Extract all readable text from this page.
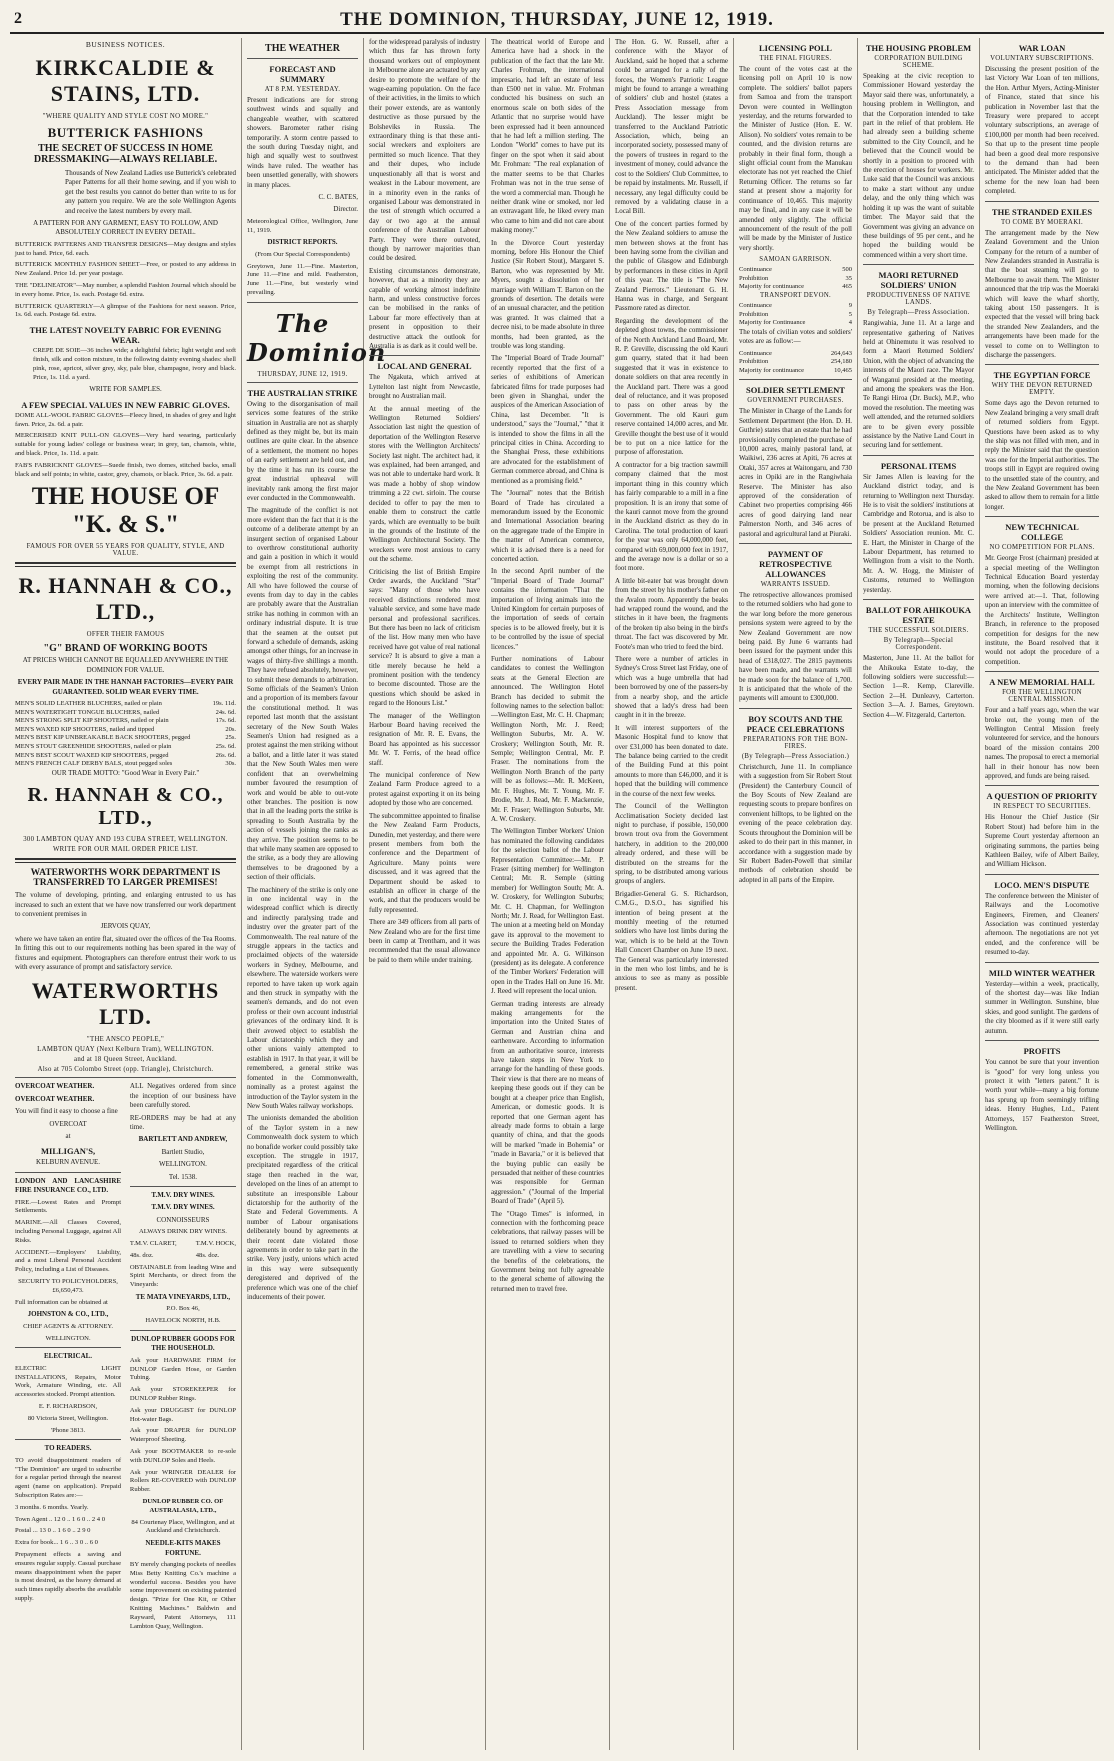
2	THE DOMINION, THURSDAY, JUNE 12, 1919.
BUSINESS NOTICES.
KIRKCALDIE & STAINS, LTD.
"WHERE QUALITY AND STYLE COST NO MORE."
BUTTERICK FASHIONS
THE SECRET OF SUCCESS IN HOME
DRESSMAKING—ALWAYS RELIABLE.

Thousands of New Zealand Ladies use Butterick's celebrated Paper Patterns for all their home sewing, and if you wish to get the best results you cannot do better than write to us for any pattern you require. We are the sole Wellington Agents and receive the latest numbers by every mail.

A PATTERN FOR ANY GARMENT, EASY TO FOLLOW, AND ABSOLUTELY CORRECT IN EVERY DETAIL.

BUTTERICK PATTERNS AND TRANSFER DESIGNS—May designs and styles just to hand. Price, 6d. each.

BUTTERICK MONTHLY FASHION SHEET—Free, or posted to any address in New Zealand. Price 1d. per year postage.

THE "DELINEATOR"—May number, a splendid Fashion Journal which should be in every home. Price, 1s. each. Postage 6d. extra.

BUTTERICK QUARTERLY—A glimpse of the Fashions for next season. Price, 1s. 6d. each. Postage 6d. extra.

THE LATEST NOVELTY FABRIC FOR EVENING WEAR.

CREPE DE SOIE—36 inches wide; a delightful fabric; light weight and soft finish, silk and cotton mixture, in the following dainty evening shades: shell pink, rose, apricot, silver grey, sky, pale blue, champagne, ivory and black. Price, 1s. 11d. a yard.

WRITE FOR SAMPLES.
A FEW SPECIAL VALUES IN NEW FABRIC GLOVES.

DOME ALL-WOOL FABRIC GLOVES—Fleecy lined, in shades of grey and light fawn. Price, 2s. 6d. a pair.

MERCERISED KNIT PULL-ON GLOVES—Very hard wearing, particularly suitable for young ladies' college or business wear; in grey, tan, chamois, white, and black. Price, 1s. 11d. a pair.

FAB'S FABRICKNIT GLOVES—Suede finish, two domes, stitched backs, small black and self points; in white, castor, grey, chamois, or black. Price, 3s. 6d. a pair.

THE HOUSE OF "K. & S."
FAMOUS FOR OVER 55 YEARS FOR QUALITY, STYLE, AND VALUE.
R. HANNAH & CO., LTD.,
OFFER THEIR FAMOUS
"G" BRAND OF WORKING BOOTS

AT PRICES WHICH CANNOT BE EQUALLED ANYWHERE IN THE DOMINION FOR VALUE.

EVERY PAIR MADE IN THE HANNAH FACTORIES—EVERY PAIR GUARANTEED. SOLID WEAR EVERY TIME.

MEN'S SOLID LEATHER BLUCHERS, nailed or plain	19s. 11d.
MEN'S WATERTIGHT TONGUE BLUCHERS, nailed	24s. 6d.
MEN'S STRONG SPLIT KIP SHOOTERS, nailed or plain	17s. 6d.
MEN'S WAXED KIP SHOOTERS, nailed and tipped	20s.
MEN'S BEST KIP UNBREAKABLE BACK SHOOTERS, pegged	25s.
MEN'S STOUT GREENHIDE SHOOTERS, nailed or plain	25s. 6d.
MEN'S BEST SCOUT WAXED KIP SHOOTERS, pegged	26s. 6d.
MEN'S FRENCH CALF DERBY BALS, stout pegged soles	30s.
OUR TRADE MOTTO: "Good Wear in Every Pair."
R. HANNAH & CO., LTD.,
300 LAMBTON QUAY AND 193 CUBA STREET, WELLINGTON.
WRITE FOR OUR MAIL ORDER PRICE LIST.
WATERWORTHS WORK DEPARTMENT IS
TRANSFERRED TO LARGER PREMISES!

The volume of developing, printing, and enlarging entrusted to us has increased to such an extent that we have now transferred our work department to convenient premises in

JERVOIS QUAY,

where we have taken an entire flat, situated over the offices of the Tea Rooms. In fitting this out to our requirements nothing has been spared in the way of fixtures and equipment. Photographers can therefore entrust their work to us with every assurance of prompt and satisfactory service.

WATERWORTHS LTD.
"THE ANSCO PEOPLE,"
LAMBTON QUAY (Next Kelburn Tram), WELLINGTON.
and at 18 Queen Street, Auckland.
Also at 705 Colombo Street (opp. Triangle), Christchurch.
OVERCOAT WEATHER.
OVERCOAT WEATHER.
You will find it easy to choose a fine
OVERCOAT
at
MILLIGAN'S,
KELBURN AVENUE.
LONDON AND LANCASHIRE FIRE INSURANCE CO., LTD.

FIRE.—Lowest Rates and Prompt Settlements.

MARINE.—All Classes Covered, including Personal Luggage, against All Risks.

ACCIDENT.—Employers' Liability, and a most Liberal Personal Accident Policy, including a List of Diseases.

SECURITY TO POLICYHOLDERS, £6,650,473.
Full information can be obtained at
JOHNSTON & CO., LTD.,
CHIEF AGENTS & ATTORNEY.
WELLINGTON.
ELECTRICAL.

ELECTRIC LIGHT INSTALLATIONS, Repairs, Motor Work, Armature Winding, etc. All accessories stocked. Prompt attention.

E. F. RICHARDSON,
80 Victoria Street, Wellington.
'Phone 3813.
TO READERS.

TO avoid disappointment readers of "The Dominion" are urged to subscribe for a regular period through the nearest agent (name on application). Prepaid Subscription Rates are:—

3 months. 6 months. Yearly.
Town Agent .. 12 0 .. 1 6 0 .. 2 4 0
Postal ... 13 0 .. 1 6 0 .. 2 9 0
Extra for book... 1 6 .. 3 0 .. 6 0

Prepayment effects a saving and ensures regular supply. Casual purchase means disappointment when the paper is most desired, as the heavy demand at such times rapidly absorbs the available supply.

ALL Negatives ordered from since the inception of our business have been carefully stored.

RE-ORDERS may be had at any time.

BARTLETT AND ANDREW,
Bartlett Studio,
WELLINGTON.
Tel. 1538.
T.M.V. DRY WINES.
T.M.V. DRY WINES.
CONNOISSEURS
ALWAYS DRINK DRY WINES.
T.M.V. CLARET,
48s. doz.
T.M.V. HOCK,
48s. doz.

OBTAINABLE from leading Wine and Spirit Merchants, or direct from the Vineyards:

TE MATA VINEYARDS, LTD.,
P.O. Box 46,
HAVELOCK NORTH, H.B.
DUNLOP RUBBER GOODS FOR THE HOUSEHOLD.

Ask your HARDWARE FIRM for DUNLOP Garden Hose, or Garden Tubing.

Ask your STOREKEEPER for DUNLOP Rubber Rings.

Ask your DRUGGIST for DUNLOP Hot-water Bags.

Ask your DRAPER for DUNLOP Waterproof Sheeting.

Ask your BOOTMAKER to re-sole with DUNLOP Soles and Heels.

Ask your WRINGER DEALER for Rollers RE-COVERED with DUNLOP Rubber.

DUNLOP RUBBER CO. OF AUSTRALASIA, LTD.,
84 Courtenay Place, Wellington, and at Auckland and Christchurch.
NEEDLE-KITS MAKES FORTUNE.

BY merely changing pockets of needles Miss Betty Knitting Co.'s machine a wonderful success. Besides you have some improvement on existing patented design. "Prize for One Kit, or Other Knitting Machines." Baldwin and Rayward, Patent Attorneys, 111 Lambton Quay, Wellington.

THE WEATHER
FORECAST AND SUMMARY
AT 8 P.M. YESTERDAY.

Present indications are for strong southwest winds and squally and changeable weather, with scattered showers. Barometer rather rising temporarily. A storm centre passed to the south during Tuesday night, and high and squally west to southwest winds have ruled. The weather has been unsettled generally, with showers in many places.

C. C. BATES,
Director.
Meteorological Office, Wellington, June 11, 1919.
DISTRICT REPORTS.
(From Our Special Correspondents)

Greytown, June 11.—Fine. Masterton, June 11.—Fine and mild. Featherston, June 11.—Fine, but westerly wind prevailing.

The Dominion
THURSDAY, JUNE 12, 1919.
THE AUSTRALIAN STRIKE

Owing to the disorganisation of mail services some features of the strike situation in Australia are not as sharply defined as they might be, but its main outlines are quite clear. In the absence of a settlement, the moment no hopes of an early settlement are held out, and by the time it has run its course the great industrial upheaval will inevitably rank among the first major ever conducted in the Commonwealth.

The magnitude of the conflict is not more evident than the fact that it is the outcome of a deliberate attempt by an insurgent section of organised Labour to overthrow constitutional authority and gain a position in which it would be exempt from all restrictions in exploiting the rest of the community. All who have followed the course of events from day to day in the cables are probably aware that the Australian strike has nothing in common with an ordinary industrial dispute. It is true that the seamen at the outset put forward a schedule of demands, asking amongst other things, for an increase in wages of thirty-five shillings a month. They have refused absolutely, however, to submit these demands to arbitration. Some officials of the Seamen's Union and a proportion of its members favour the constitutional method. It was reported last month that the assistant secretary of the New South Wales Seamen's Union had resigned as a protest against the men striking without a ballot, and a little later it was stated that the New South Wales men were confident that an overwhelming number favoured the resumption of work and would be able to out-vote other branches. The position is now that in all the leading ports the strike is spreading to South Australia by the action of vessels joining the ranks as they arrive. The position seems to be that while many seamen are opposed to the strike, as a body they are allowing themselves to be dragooned by a section of their officials.

The machinery of the strike is only one in one incidental way in the widespread conflict which is directly and indirectly paralysing trade and industry over the greater part of the Commonwealth. The real nature of the struggle appears in the tactics and proclaimed objects of the waterside workers in Sydney, Melbourne, and elsewhere. The waterside workers were reported to have taken up work again and then struck in sympathy with the seamen's demands, and do not even profess or their own account industrial grievances of the ordinary kind. It is their avowed object to establish the Labour dictatorship which they and other unions vainly attempted to establish in 1917. In that year, it will be remembered, a general strike was fomented in the Commonwealth, nominally as a protest against the introduction of the Taylor system in the New South Wales railway workshops.

The unionists demanded the abolition of the Taylor system in a new Commonwealth dock system to which no bonafide worker could possibly take exception. The struggle in 1917, precipitated regardless of the critical stage then reached in the war, developed on the lines of an attempt to substitute an irresponsible Labour dictatorship for the authority of the State and Federal Governments. A number of Labour organisations deliberately bound by agreements at their recent date violated those agreements in order to take part in the strike. Very justly, unions which acted in this way were subsequently deregistered and deprived of the preference which was one of the chief inducements of their power.

for the widespread paralysis of industry which thus far has thrown forty thousand workers out of employment in Melbourne alone are actuated by any desire to promote the welfare of the wage-earning population. On the face of their activities, in the limits to which their power extends, are as wantonly destructive as those pursued by the Bolsheviks in Russia. The extraordinary thing is that these anti-social wreckers and exploiters are permitted so much licence. That they and their dupes, who include unquestionably all that is worst and weakest in the Labour movement, are in a minority even in the ranks of organised Labour was demonstrated in the test of strength which occurred a day or two ago at the annual conference of the Australian Labour Party. They were there outvoted, though by narrower majorities than could be desired.

Existing circumstances demonstrate, however, that as a minority they are capable of working almost indefinite harm, and unless constructive forces can be mobilised in the ranks of Labour far more effectively than at present in opposition to their destructive attack the outlook for Australia is as dark as it could well be.

LOCAL AND GENERAL

The Ngakuta, which arrived at Lyttelton last night from Newcastle, brought no Australian mail.

At the annual meeting of the Wellington Returned Soldiers' Association last night the question of deportation of the Wellington Reserve stores with the Wellington Architects' Society last night. The architect had, it was explained, had been arranged, and was not able to undertake hard work. It was made a hobby of shop window trimming a 22 cwt. sirloin. The course decided to offer to pay the men to enable them to construct the cattle yards, which are eventually to be built in the grounds of the Institute of the Wellington Architectural Society. The wreckers were most anxious to carry out the scheme.

Criticising the list of British Empire Order awards, the Auckland "Star" says: "Many of those who have received distinctions rendered most valuable service, and some have made personal and professional sacrifices. But there has been no lack of criticism of the list. How many men who have received have got value of real national service? It is absurd to give a man a title merely because he held a prominent position with the tendency to become discounted. Those are the questions which should be asked in regard to the Honours List."

The manager of the Wellington Harbour Board having received the resignation of Mr. R. E. Evans, the Board has appointed as his successor Mr. W. T. Ferris, of the head office staff.

The municipal conference of New Zealand Farm Produce agreed to a protest against exporting it on its being adopted by those who are concerned.

The subcommittee appointed to finalise the New Zealand Farm Products, Dunedin, met yesterday, and there were present members from both the conference and the Department of Agriculture. Many points were discussed, and it was agreed that the Department should be asked to establish an officer in charge of the work, and that the producers would be fully represented.

There are 349 officers from all parts of New Zealand who are for the first time been in camp at Trentham, and it was recommended that the usual allowance be paid to them while under training.

The theatrical world of Europe and America have had a shock in the publication of the fact that the late Mr. Charles Frohman, the international impresario, had left an estate of less than £500 net in value. Mr. Frohman conducted his business on such an enormous scale on both sides of the Atlantic that no surprise would have been expressed had it been announced that he had left a million sterling. The London "World" comes to have put its finger on the spot when it said about Mr. Frohman: "The real explanation of the matter seems to be that Charles Frohman was not in the true sense of the word a commercial man. Though he neither drank wine or smoked, nor led an extravagant life, he liked every man who came to him and did not care about making money."

In the Divorce Court yesterday morning, before His Honour the Chief Justice (Sir Robert Stout), Margaret S. Barton, who was represented by Mr. Myers, sought a dissolution of her marriage with William T. Barton on the grounds of desertion. The details were of an unusual character, and the petition was granted. It was claimed that a decree nisi, to be made absolute in three months, had been granted, as the trouble was long standing.

The "Imperial Board of Trade Journal" recently reported that the first of a series of exhibitions of American fabricated films for trade purposes had been given in Shanghai, under the auspices of the American Association of China, last December. "It is understood," says the "Journal," "that it is intended to show the films in all the principal cities in China. According to the Shanghai Press, these exhibitions are advocated for the establishment of German commerce abroad, and China is mentioned as a promising field."

The "Journal" notes that the British Board of Trade has circulated a memorandum issued by the Economic and International Association bearing on the aggregate trade of the Empire in the matter of American commerce, which it is advised there is a need for concerted action.

In the second April number of the "Imperial Board of Trade Journal" contains the information "That the importation of living animals into the United Kingdom for certain purposes of the importation of seeds of certain species is to be allowed freely, but it is to be controlled by the issue of special licences."

Further nominations of Labour candidates to contest the Wellington seats at the General Election are announced. The Wellington Hotel Branch has decided to submit the following names to the selection ballot:—Wellington East, Mr. C. H. Chapman; Wellington North, Mr. J. Reed; Wellington Suburbs, Mr. A. W. Croskery; Wellington South, Mr. R. Semple; Wellington Central, Mr. P. Fraser. The nominations from the Wellington North Branch of the party will be as follows:—Mr. R. McKeen, Mr. F. Hughes, Mr. T. Young, Mr. F. Brodie, Mr. J. Read, Mr. F. Mackenzie, Mr. F. Fraser; Wellington Suburbs, Mr. A. W. Croskery.

The Wellington Timber Workers' Union has nominated the following candidates for the selection ballot of the Labour Representation Committee:—Mr. P. Fraser (sitting member) for Wellington Central; Mr. R. Semple (sitting member) for Wellington South; Mr. A. W. Croskery, for Wellington Suburbs; Mr. C. H. Chapman, for Wellington North; Mr. J. Read, for Wellington East. The union at a meeting held on Monday gave its approval to the movement to secure the Building Trades Federation and appointed Mr. A. G. Wilkinson (president) as its delegate. A conference of the Timber Workers' Federation will open in the Trades Hall on June 16. Mr. J. Reed will represent the local union.

German trading interests are already making arrangements for the importation into the United States of German and Austrian china and earthenware. According to information from an authoritative source, interests have taken steps in New York to arrange for the handling of these goods. Their view is that there are no means of keeping these goods out if they can be bought at a cheaper price than English, American, or domestic goods. It is reported that one German agent has already made forms to obtain a large quantity of china, and that the goods will be marked "made in Bohemia" or "made in Bavaria," or it is believed that the buying public can easily be persuaded that neither of these countries was responsible for German aggression." ("Journal of the Imperial Board of Trade" (April 5).

The "Otago Times" is informed, in connection with the forthcoming peace celebrations, that railway passes will be issued to returned soldiers when they are travelling with a view to securing the benefits of the celebrations, the Government being not fully agreeable to the general scheme of allowing the returned men to travel free.

The Hon. G. W. Russell, after a conference with the Mayor of Auckland, said he hoped that a scheme could be arranged for a rally of the forces, the Women's Patriotic League might be found to arrange a wreathing of soldiers' club and hostel (states a Press Association message from Auckland). The lesser might be transferred to the Auckland Patriotic Association, which, being an incorporated society, possessed many of the powers of trustees in regard to the investment of money, could advance the cost to the Soldiers' Club Committee, to be repaid by instalments. Mr. Russell, if necessary, any legal difficulty could be removed by a validating clause in a Local Bill.

One of the concert parties formed by the New Zealand soldiers to amuse the men between shows at the front has been having some from the civilian and the public of Glasgow and Edinburgh by performances in these cities in April of this year. The title is "The New Zealand Pierrots." Lieutenant G. H. Hanna was in charge, and Sergeant Passmore rated as director.

Regarding the development of the depleted ghost towns, the commissioner of the North Auckland Land Board, Mr. R. P. Greville, discussing the old Kauri gum quarry, stated that it had been suggested that it was in existence to donate soldiers on that area recently in the Auckland part. There was a good deal of reluctance, and it was proposed to pass on other areas by the Government. The old Kauri gum reserve contained 14,000 acres, and Mr. Greville thought the best use of it would be to put on a nice lattice for the purpose of afforestation.

A contractor for a big traction sawmill company claimed that the most important thing in this country which has fairly comparable to a mill in a fine proposition. It is an irony that some of the kauri cannot move from the ground in the Auckland district as they do in Carolina. The total production of kauri for the year was only 64,000,000 feet, compared with 69,000,000 feet in 1917, and the average now is a dollar or so a foot more.

A little bit-eater bat was brought down from the street by his mother's father on the Avalon room. Apparently the beaks had wrapped round the wound, and the stitches in it have been, the fragments of the broken tip also being in the bird's throat. The fact was discovered by Mr. Foote's man who tried to feed the bird.

There were a number of articles in Sydney's Cross Street last Friday, one of which was a huge umbrella that had been borrowed by one of the passers-by from a nearby shop, and the article showed that a lady's dress had been caught in it in the breeze.

It will interest supporters of the Masonic Hospital fund to know that over £31,000 has been donated to date. The balance being carried to the credit of the Building Fund at this point amounts to more than £46,000, and it is hoped that the building will commence in the course of the next few weeks.

The Council of the Wellington Acclimatisation Society decided last night to purchase, if possible, 150,000 brown trout ova from the Government hatchery, in addition to the 200,000 already ordered, and these will be distributed on the streams for the spring, to be distributed among various groups of anglers.

Brigadier-General G. S. Richardson, C.M.G., D.S.O., has signified his intention of being present at the monthly meeting of the returned soldiers who have lost limbs during the war, which is to be held at the Town Hall Concert Chamber on June 19 next. The General was particularly interested in the men who lost limbs, and he is anxious to see as many as possible present.

LICENSING POLL
THE FINAL FIGURES.

The count of the votes cast at the licensing poll on April 10 is now complete. The soldiers' ballot papers from Samoa and from the transport Devon were counted in Wellington yesterday, and the returns forwarded to the Minister of Justice (Hon. E. W. Alison). No soldiers' votes remain to be counted, and the division returns are probably in their final form, though a slight official count from the Manukau electorate has not yet reached the Chief Returning Officer. The returns so far stand at present show a majority for continuance of 10,465. This majority may be final, and in any case it will be amended only slightly. The official announcement of the result of the poll will be made by the Minister of Justice very shortly.

SAMOAN GARRISON.
Continuance	500
Prohibition	35
Majority for continuance	465
TRANSPORT DEVON.
Continuance	9
Prohibition	5
Majority for Continuance	4

The totals of civilian votes and soldiers' votes are as follow:—

Continuance	264,643
Prohibition	254,180
Majority for continuance	10,465
SOLDIER SETTLEMENT
GOVERNMENT PURCHASES.

The Minister in Charge of the Lands for Settlement Department (the Hon. D. H. Guthrie) states that an estate that he had provisionally completed the purchase of 10,000 acres, mainly pastoral land, at Waikiwi, 236 acres at Apiti, 76 acres at Otaki, 357 acres at Waitongaru, and 730 acres in Opiki are in the Rangiwhaia Reserve. The Minister has also approved of the consideration of Cabinet two properties comprising 466 acres of good dairying land near Palmerston North, and 346 acres of pastoral and agricultural land at Piuraki.

PAYMENT OF RETROSPECTIVE ALLOWANCES
WARRANTS ISSUED.

The retrospective allowances promised to the returned soldiers who had gone to the war long before the more generous pensions system were agreed to by the New Zealand Government are now being paid. By June 6 warrants had been issued for the payment under this head of £318,027. The 2815 payments have been made, and the warrants will be made soon for the balance of 1,700. It is anticipated that the whole of the payments will amount to £300,000.

BOY SCOUTS AND THE PEACE CELEBRATIONS
PREPARATIONS FOR THE BON-FIRES.
(By Telegraph—Press Association.)

Christchurch, June 11. In compliance with a suggestion from Sir Robert Stout (President) the Canterbury Council of the Boy Scouts of New Zealand are requesting scouts to prepare bonfires on convenient hilltops, to be lighted on the evening of the peace celebration day. Scouts throughout the Dominion will be asked to do their part in this manner, in accordance with a suggestion made by Sir Robert Baden-Powell that similar methods of celebration should be adopted in all parts of the Empire.

THE HOUSING PROBLEM
CORPORATION BUILDING SCHEME.

Speaking at the civic reception to Commissioner Howard yesterday the Mayor said there was, unfortunately, a housing problem in Wellington, and that the Corporation intended to take part in the relief of that problem. He had already seen a building scheme submitted to the City Council, and he believed that the Council would be shortly in a position to proceed with the erection of houses for workers. Mr. Luke said that the Council was anxious to make a start without any undue delay, and the only thing which was holding it up was the want of suitable timber. The Mayor said that the Government was giving an advance on these buildings of 95 per cent., and he hoped the building would be commenced within a very short time.

MAORI RETURNED SOLDIERS' UNION
PRODUCTIVENESS OF NATIVE LANDS.
By Telegraph—Press Association.

Rangiwahia, June 11. At a large and representative gathering of Natives held at Ohinemutu it was resolved to form a Maori Returned Soldiers' Union, with the object of advancing the interests of the Maori race. The Mayor of Wanganui presided at the meeting, and among the speakers was the Hon. Te Rangi Hiroa (Dr. Buck), M.P., who moved the resolution. The meeting was well attended, and the returned soldiers are to be given every possible assistance by the Native Land Court in securing land for settlement.

PERSONAL ITEMS

Sir James Allen is leaving for the Auckland district today, and is returning to Wellington next Thursday. He is to visit the soldiers' institutions at Cambridge and Rotorua, and is also to be present at the Auckland Returned Soldiers' Association reunion. Mr. C. E. Hart, the Minister in Charge of the Labour Department, has returned to Wellington from a visit to the North. Mr. A. W. Hogg, the Minister of Customs, returned to Wellington yesterday.

BALLOT FOR AHIKOUKA ESTATE
THE SUCCESSFUL SOLDIERS.
By Telegraph—Special Correspondent.

Masterton, June 11. At the ballot for the Ahikouka Estate to-day, the following soldiers were successful:—Section 1—R. Kemp, Clareville. Section 2—H. Dunleavy, Carterton. Section 3—A. J. Barnes, Greytown. Section 4—W. Fitzgerald, Carterton.

WAR LOAN
VOLUNTARY SUBSCRIPTIONS.

Discussing the present position of the last Victory War Loan of ten millions, the Hon. Arthur Myers, Acting-Minister of Finance, stated that since his publication in November last that the Treasury were prepared to accept voluntary subscriptions, an average of £100,000 per month had been received. So that up to the present time people had been a good deal more responsive to the demand than had been anticipated. The Minister added that the scheme for the new loan had been completed.

THE STRANDED EXILES
TO COME BY MOERAKI.

The arrangement made by the New Zealand Government and the Union Company for the return of a number of New Zealanders stranded in Australia is that the boat steaming will go to Melbourne to await them. The Minister announced that the trip was the Moeraki which will leave the wharf shortly, taking about 150 passengers. It is expected that the vessel will bring back the stranded New Zealanders, and the arrangements have been made for the vessel to come on to Wellington to discharge the passengers.

THE EGYPTIAN FORCE
WHY THE DEVON RETURNED EMPTY.

Some days ago the Devon returned to New Zealand bringing a very small draft of returned soldiers from Egypt. Questions have been asked as to why the ship was not filled with men, and in reply the Minister said that the question was one for the Imperial authorities. The troops still in Egypt are required owing to the unsettled state of the country, and the New Zealand Government has been asked to allow them to remain for a little longer.

NEW TECHNICAL COLLEGE
NO COMPETITION FOR PLANS.

Mr. George Frost (chairman) presided at a special meeting of the Wellington Technical Education Board yesterday morning, when the following decisions were arrived at:—1. That, following upon an interview with the committee of the Architects' Institute, Wellington Branch, in reference to the proposed competition for designs for the new institute, the Board resolved that it would not adopt the procedure of a competition.

A NEW MEMORIAL HALL
FOR THE WELLINGTON CENTRAL MISSION.

Four and a half years ago, when the war broke out, the young men of the Wellington Central Mission freely volunteered for service, and the honours board of the mission contains 200 names. The proposal to erect a memorial hall in their honour has now been approved, and funds are being raised.

A QUESTION OF PRIORITY
IN RESPECT TO SECURITIES.

His Honour the Chief Justice (Sir Robert Stout) had before him in the Supreme Court yesterday afternoon an originating summons, the parties being Kathleen Bailey, wife of Albert Bailey, and William Hickson.

LOCO. MEN'S DISPUTE

The conference between the Minister of Railways and the Locomotive Engineers, Firemen, and Cleaners' Association was continued yesterday afternoon. The negotiations are not yet ended, and the conference will be resumed to-day.

MILD WINTER WEATHER

Yesterday—within a week, practically, of the shortest day—was like Indian summer in Wellington. Sunshine, blue skies, and good sunlight. The gardens of the city bloomed as if it were still early autumn.

PROFITS

You cannot be sure that your invention is "good" for very long unless you protect it with "letters patent." It is worth your while—many a big fortune has sprung up from seemingly trifling ideas. Henry Hughes, Ltd., Patent Attorneys, 157 Featherston Street, Wellington.
